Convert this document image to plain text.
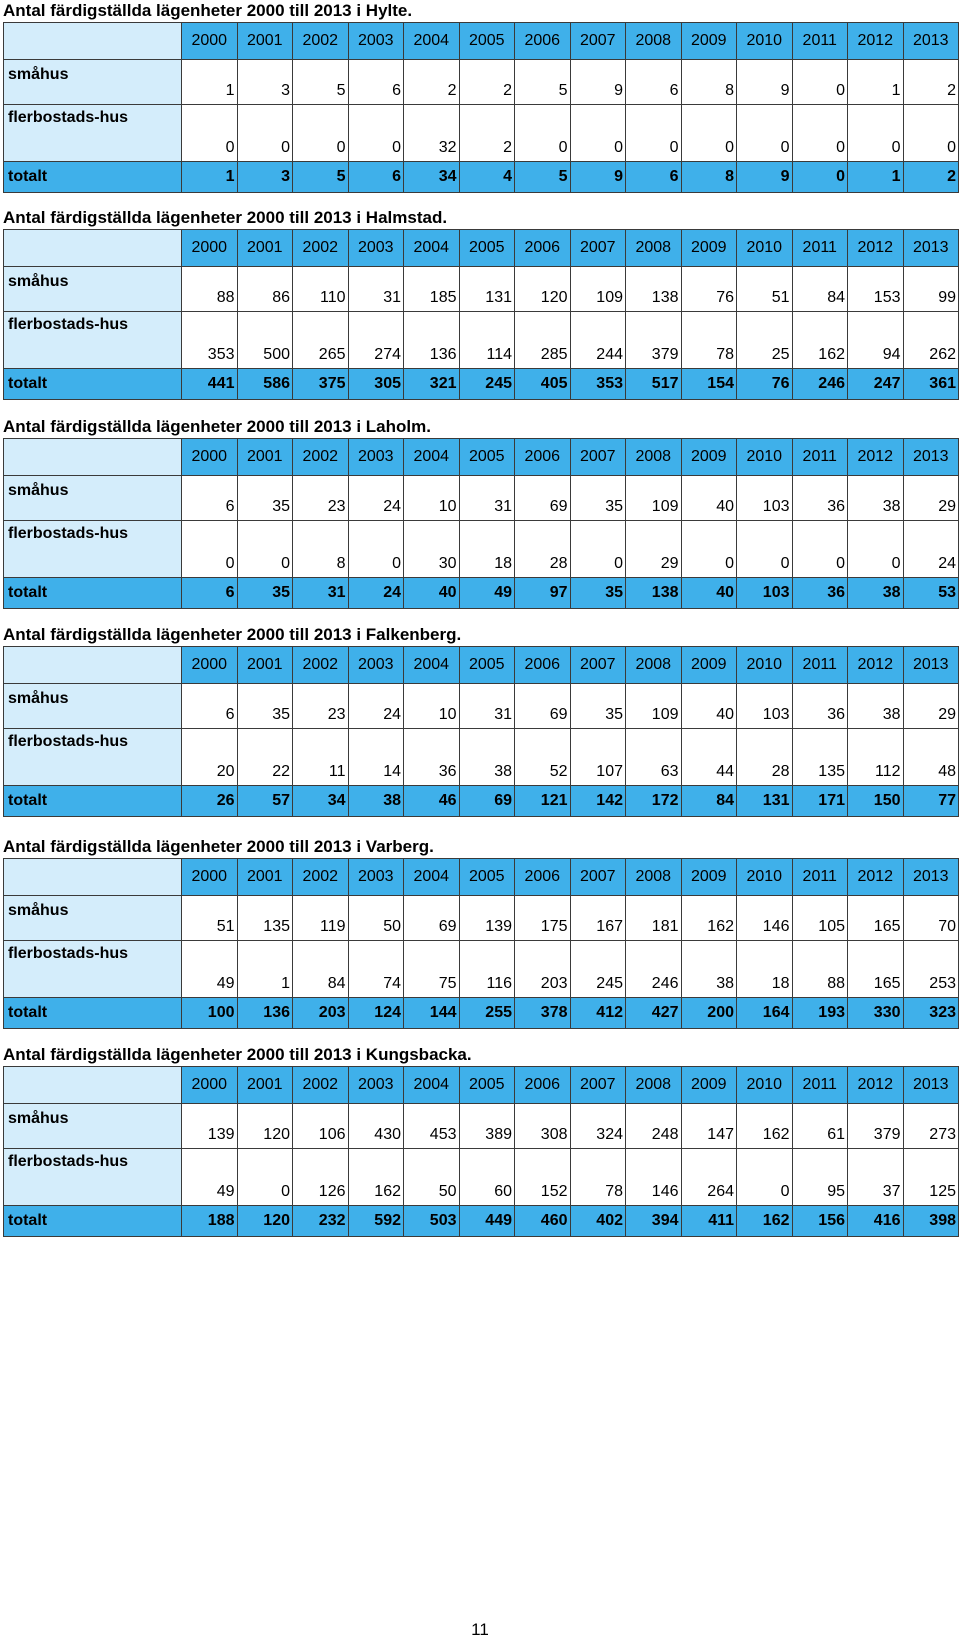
Antal färdigställda lägenheter 2000 till 2013 i Hylte.
	2000	2001	2002	2003	2004	2005	2006	2007	2008	2009	2010	2011	2012	2013
småhus	1	3	5	6	2	2	5	9	6	8	9	0	1	2
flerbostads-hus	0	0	0	0	32	2	0	0	0	0	0	0	0	0
totalt	1	3	5	6	34	4	5	9	6	8	9	0	1	2
Antal färdigställda lägenheter 2000 till 2013 i Halmstad.
	2000	2001	2002	2003	2004	2005	2006	2007	2008	2009	2010	2011	2012	2013
småhus	88	86	110	31	185	131	120	109	138	76	51	84	153	99
flerbostads-hus	353	500	265	274	136	114	285	244	379	78	25	162	94	262
totalt	441	586	375	305	321	245	405	353	517	154	76	246	247	361
Antal färdigställda lägenheter 2000 till 2013 i Laholm.
	2000	2001	2002	2003	2004	2005	2006	2007	2008	2009	2010	2011	2012	2013
småhus	6	35	23	24	10	31	69	35	109	40	103	36	38	29
flerbostads-hus	0	0	8	0	30	18	28	0	29	0	0	0	0	24
totalt	6	35	31	24	40	49	97	35	138	40	103	36	38	53
Antal färdigställda lägenheter 2000 till 2013 i Falkenberg.
	2000	2001	2002	2003	2004	2005	2006	2007	2008	2009	2010	2011	2012	2013
småhus	6	35	23	24	10	31	69	35	109	40	103	36	38	29
flerbostads-hus	20	22	11	14	36	38	52	107	63	44	28	135	112	48
totalt	26	57	34	38	46	69	121	142	172	84	131	171	150	77
Antal färdigställda lägenheter 2000 till 2013 i Varberg.
	2000	2001	2002	2003	2004	2005	2006	2007	2008	2009	2010	2011	2012	2013
småhus	51	135	119	50	69	139	175	167	181	162	146	105	165	70
flerbostads-hus	49	1	84	74	75	116	203	245	246	38	18	88	165	253
totalt	100	136	203	124	144	255	378	412	427	200	164	193	330	323
Antal färdigställda lägenheter 2000 till 2013 i Kungsbacka.
	2000	2001	2002	2003	2004	2005	2006	2007	2008	2009	2010	2011	2012	2013
småhus	139	120	106	430	453	389	308	324	248	147	162	61	379	273
flerbostads-hus	49	0	126	162	50	60	152	78	146	264	0	95	37	125
totalt	188	120	232	592	503	449	460	402	394	411	162	156	416	398
11
